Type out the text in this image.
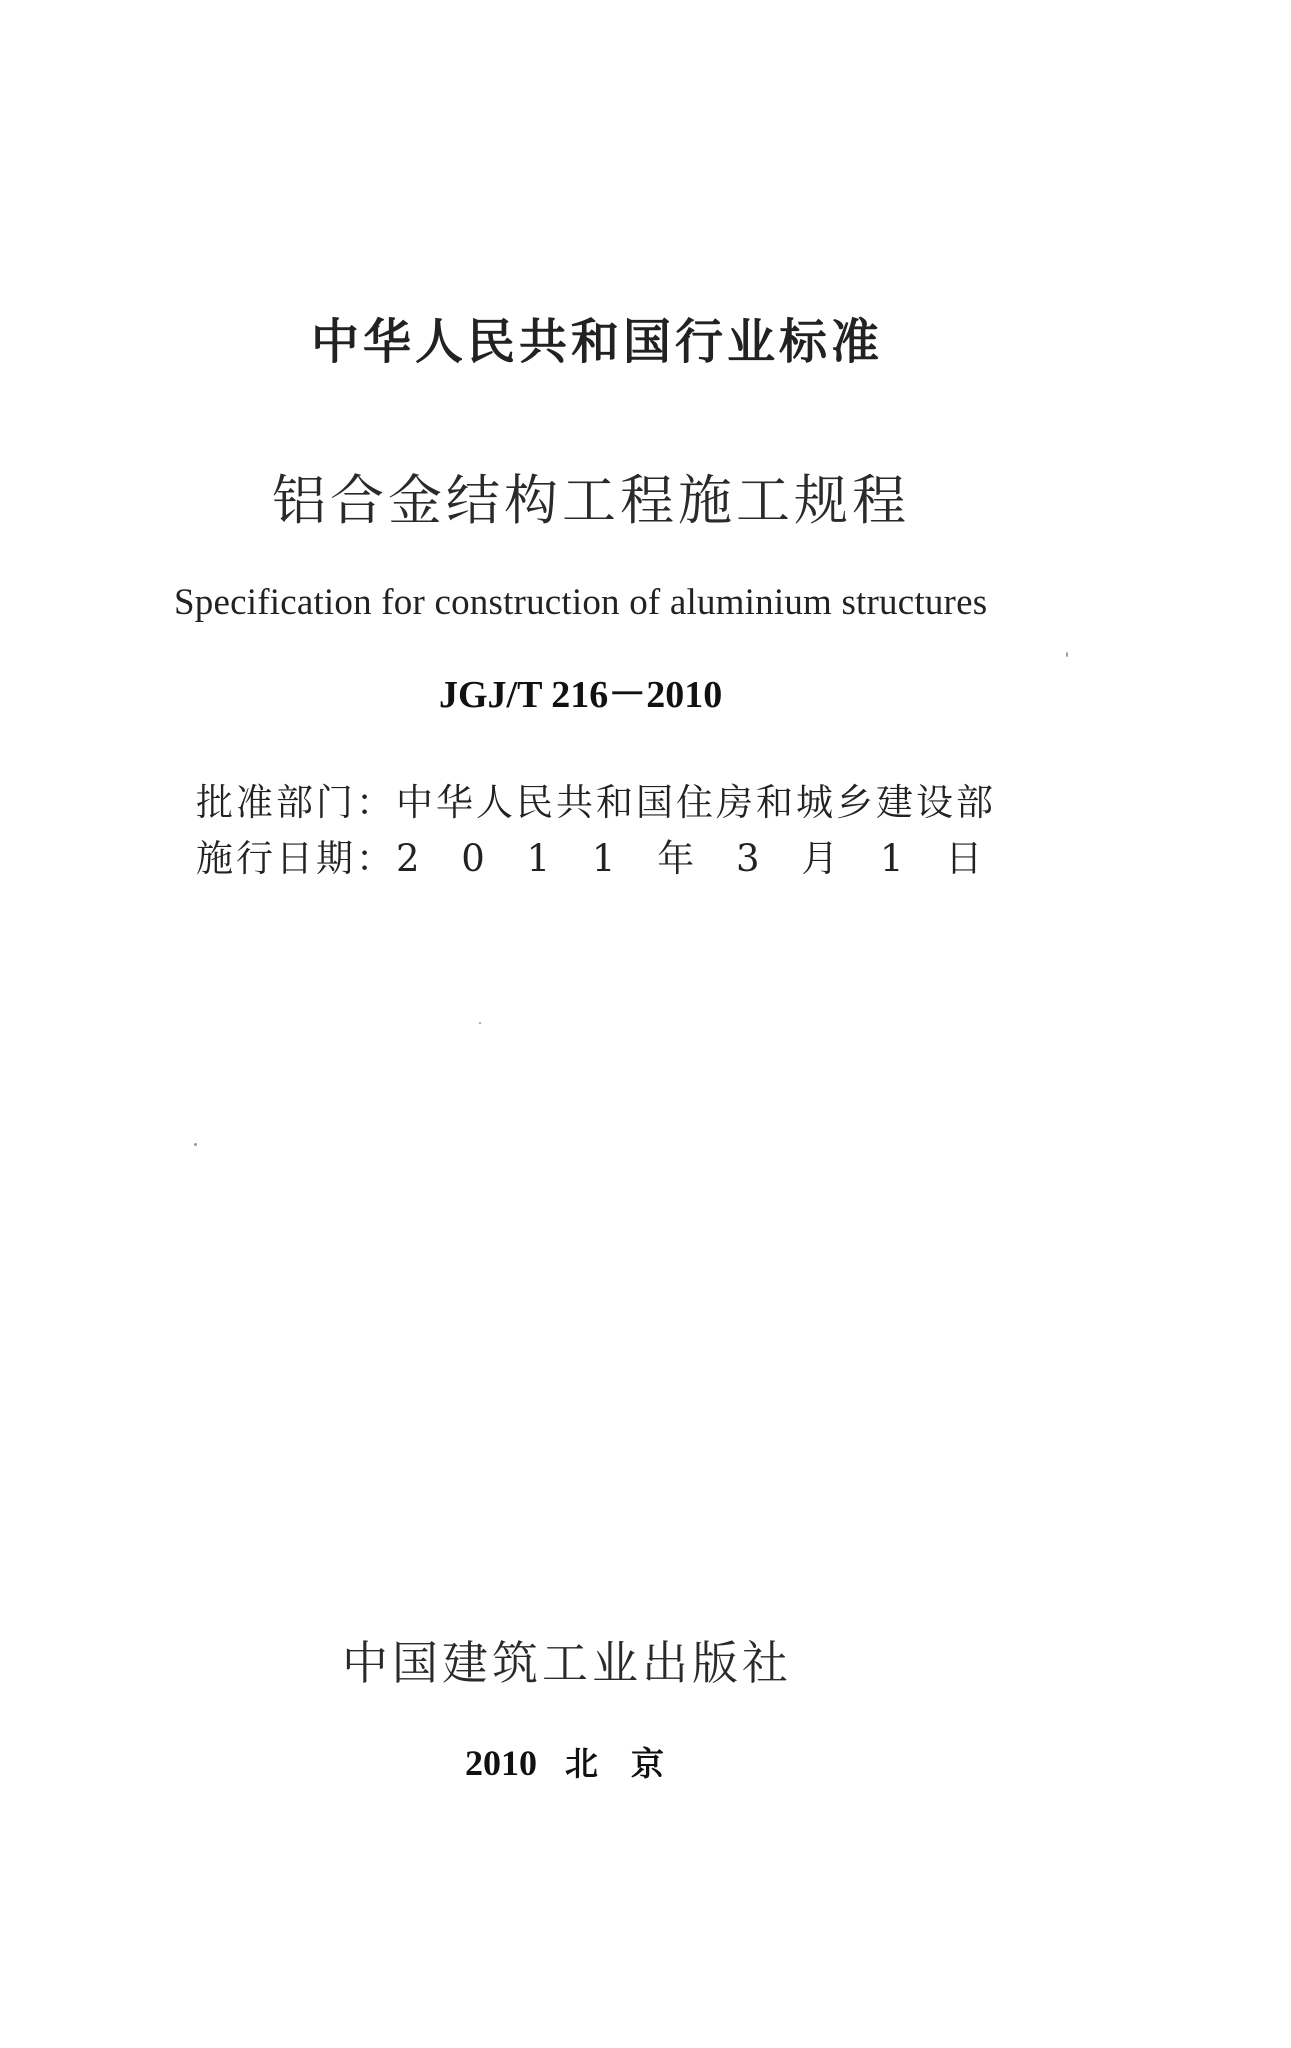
中华人民共和国行业标准
铝合金结构工程施工规程
Specification for construction of aluminium structures
JGJ/T 216－2010
批准部门：中华人民共和国住房和城乡建设部
施行日期：2 0 1 1 年 3 月 1 日
中国建筑工业出版社
2010 北　京
